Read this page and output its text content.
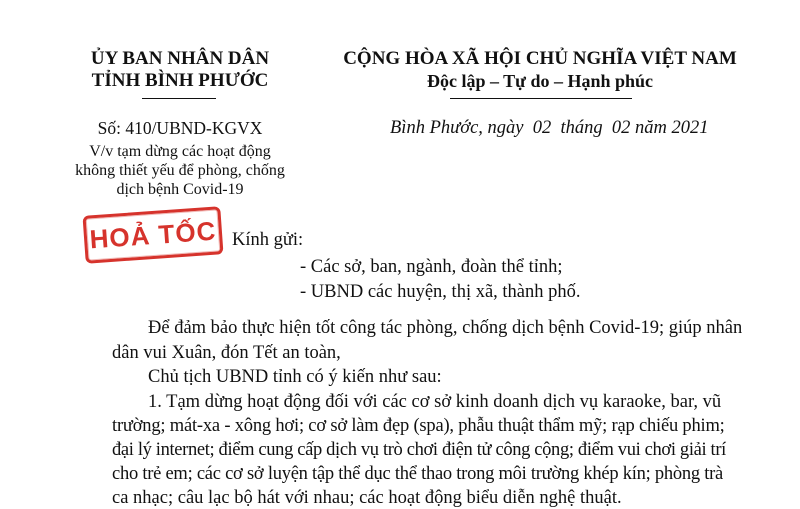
ỦY BAN NHÂN DÂN
TỈNH BÌNH PHƯỚC
Số: 410/UBND-KGVX
V/v tạm dừng các hoạt động
không thiết yếu để phòng, chống
dịch bệnh Covid-19
CỘNG HÒA XÃ HỘI CHỦ NGHĨA VIỆT NAM
Độc lập – Tự do – Hạnh phúc
Bình Phước, ngày  02  tháng  02 năm 2021
HOẢ TỐC Kính gửi:
- Các sở, ban, ngành, đoàn thể tỉnh;
- UBND các huyện, thị xã, thành phố.
Để đảm bảo thực hiện tốt công tác phòng, chống dịch bệnh Covid-19; giúp nhân
dân vui Xuân, đón Tết an toàn,
Chủ tịch UBND tỉnh có ý kiến như sau:
1. Tạm dừng hoạt động đối với các cơ sở kinh doanh dịch vụ karaoke, bar, vũ
trường; mát-xa - xông hơi; cơ sở làm đẹp (spa), phẫu thuật thẩm mỹ; rạp chiếu phim;
đại lý internet; điểm cung cấp dịch vụ trò chơi điện tử công cộng; điểm vui chơi giải trí
cho trẻ em; các cơ sở luyện tập thể dục thể thao trong môi trường khép kín; phòng trà
ca nhạc; câu lạc bộ hát với nhau; các hoạt động biểu diễn nghệ thuật.
